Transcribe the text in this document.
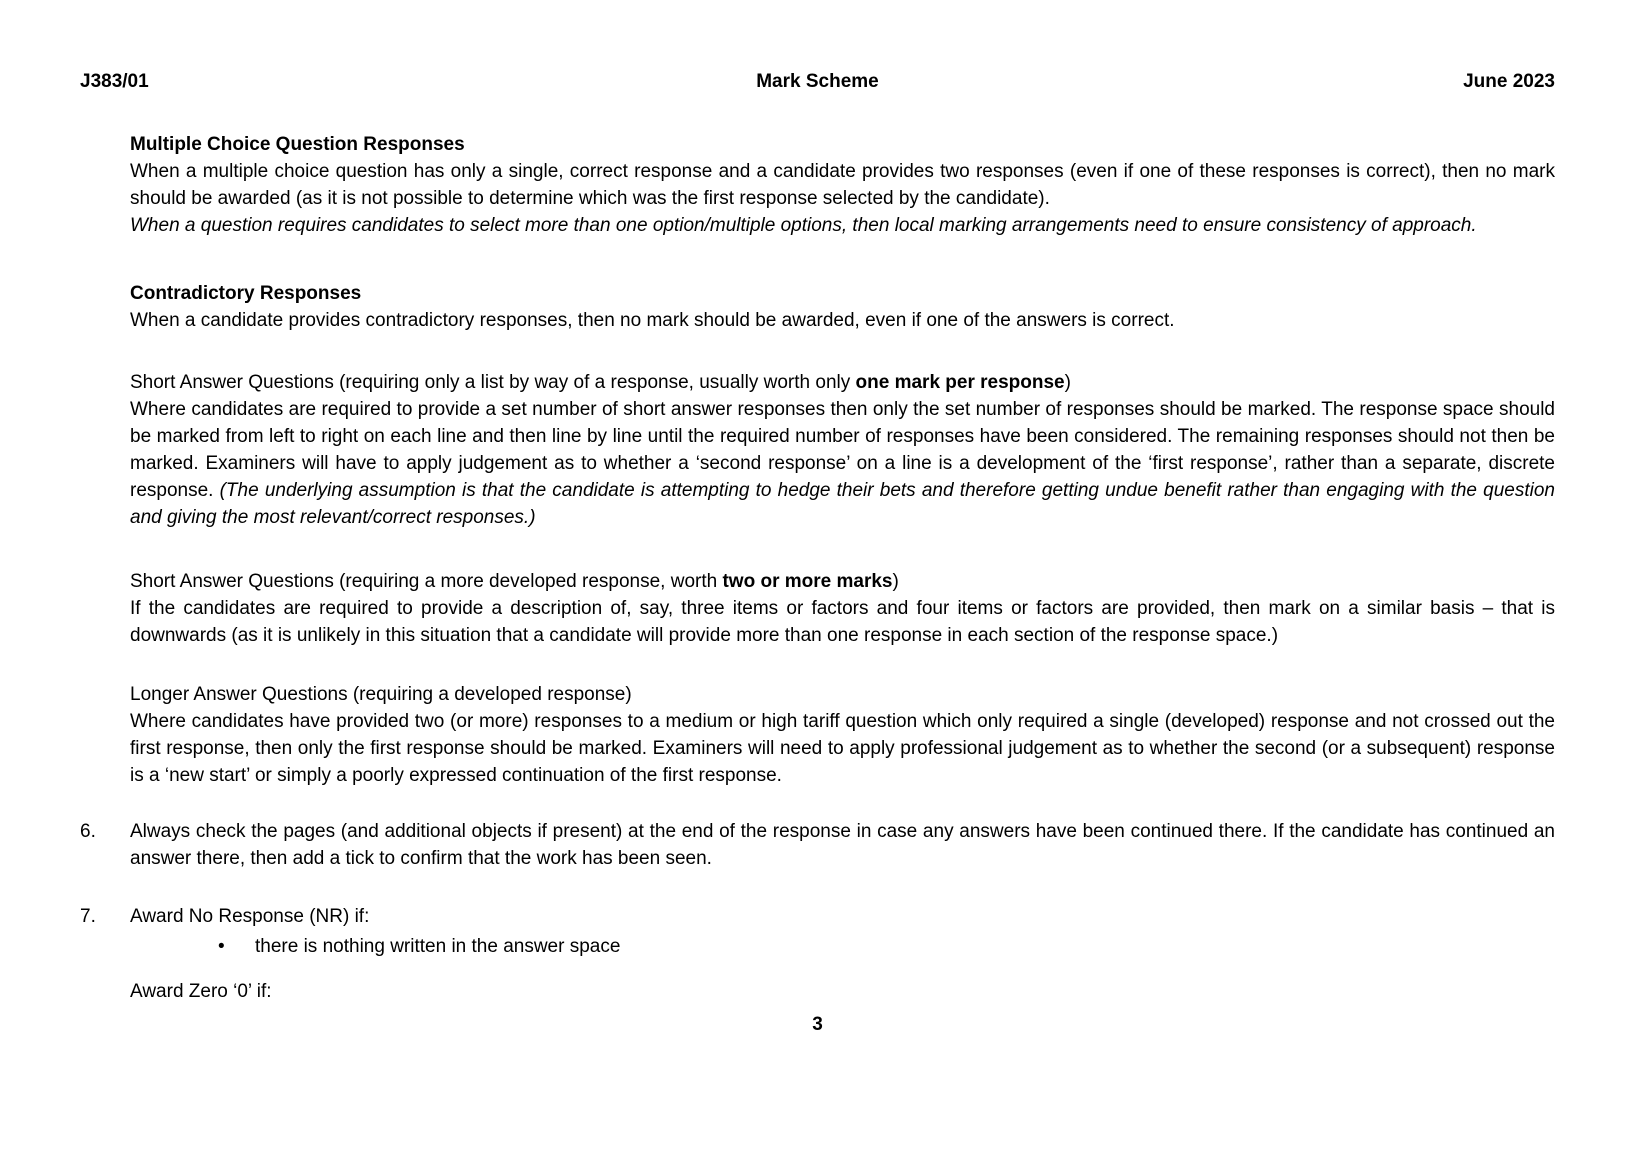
J383/01	Mark Scheme	June 2023

Multiple Choice Question Responses

When a multiple choice question has only a single, correct response and a candidate provides two responses (even if one of these responses is correct), then no mark should be awarded (as it is not possible to determine which was the first response selected by the candidate).

When a question requires candidates to select more than one option/multiple options, then local marking arrangements need to ensure consistency of approach.

Contradictory Responses

When a candidate provides contradictory responses, then no mark should be awarded, even if one of the answers is correct.

Short Answer Questions (requiring only a list by way of a response, usually worth only one mark per response)

Where candidates are required to provide a set number of short answer responses then only the set number of responses should be marked. The response space should be marked from left to right on each line and then line by line until the required number of responses have been considered. The remaining responses should not then be marked. Examiners will have to apply judgement as to whether a ‘second response’ on a line is a development of the ‘first response’, rather than a separate, discrete response. (The underlying assumption is that the candidate is attempting to hedge their bets and therefore getting undue benefit rather than engaging with the question and giving the most relevant/correct responses.)

Short Answer Questions (requiring a more developed response, worth two or more marks)

If the candidates are required to provide a description of, say, three items or factors and four items or factors are provided, then mark on a similar basis – that is downwards (as it is unlikely in this situation that a candidate will provide more than one response in each section of the response space.)

Longer Answer Questions (requiring a developed response)

Where candidates have provided two (or more) responses to a medium or high tariff question which only required a single (developed) response and not crossed out the first response, then only the first response should be marked. Examiners will need to apply professional judgement as to whether the second (or a subsequent) response is a ‘new start’ or simply a poorly expressed continuation of the first response.

6.	Always check the pages (and additional objects if present) at the end of the response in case any answers have been continued there. If the candidate has continued an answer there, then add a tick to confirm that the work has been seen.

7.	Award No Response (NR) if:

• there is nothing written in the answer space
Award Zero ‘0’ if:
3
